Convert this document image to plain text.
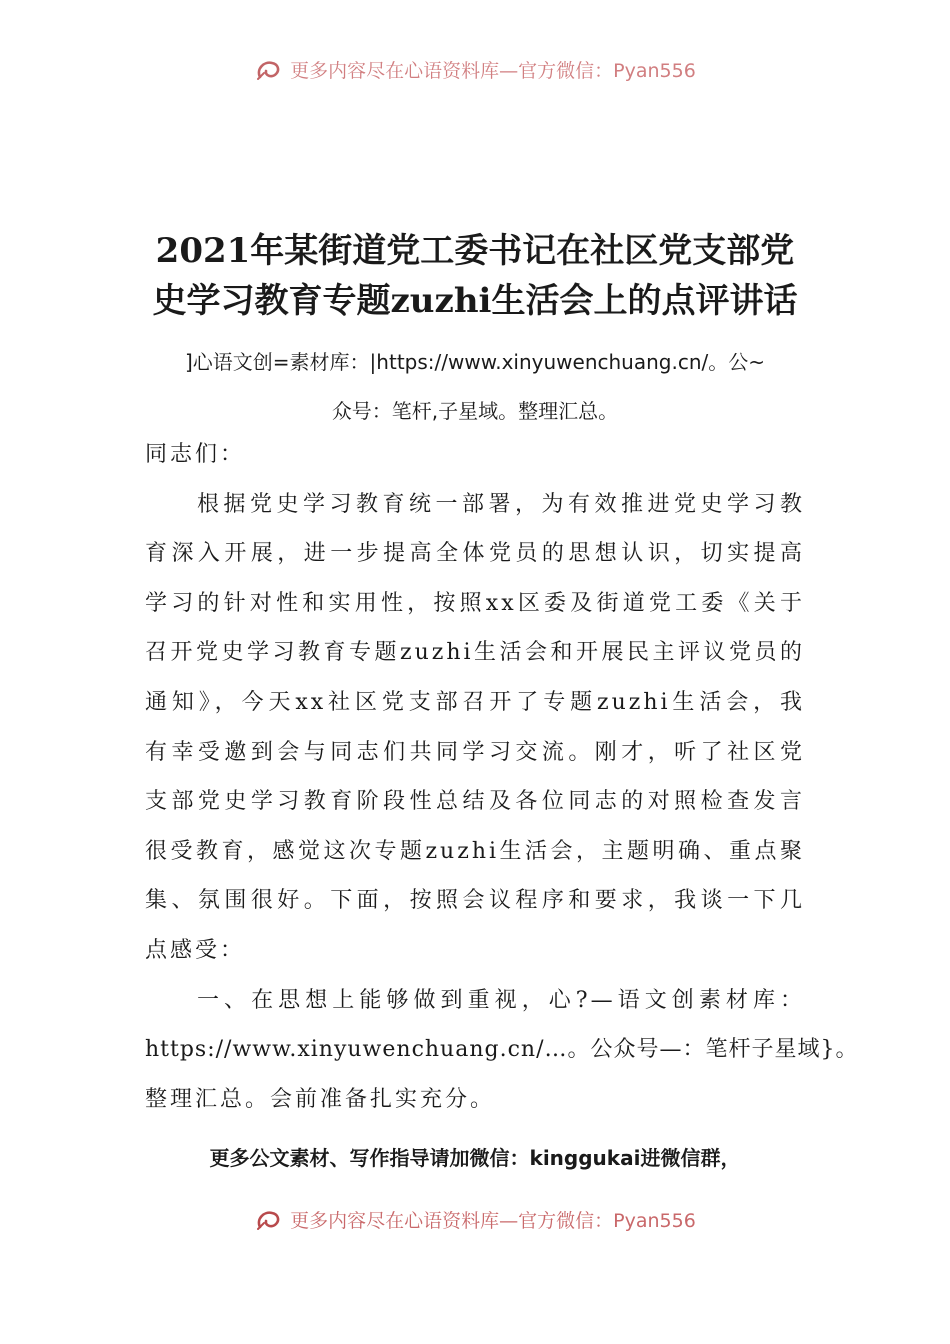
更多内容尽在心语资料库—官方微信：Pyan556
2021年某街道党工委书记在社区党支部党
史学习教育专题zuzhi生活会上的点评讲话
]心语文创=素材库：|https://www.xinyuwenchuang.cn/。公~
众号：笔杆,子星域。整理汇总。

同志们：

根据党史学习教育统一部署，为有效推进党史学习教
育深入开展，进一步提高全体党员的思想认识，切实提高
学习的针对性和实用性，按照xx区委及街道党工委《关于
召开党史学习教育专题zuzhi生活会和开展民主评议党员的
通知》，今天xx社区党支部召开了专题zuzhi生活会，我
有幸受邀到会与同志们共同学习交流。刚才，听了社区党
支部党史学习教育阶段性总结及各位同志的对照检查发言
很受教育，感觉这次专题zuzhi生活会，主题明确、重点聚
集、氛围很好。下面，按照会议程序和要求，我谈一下几
点感受：

一、在思想上能够做到重视，心?—语文创素材库：
https://www.xinyuwenchuang.cn/…。公众号—：笔杆子星域}。
整理汇总。会前准备扎实充分。

更多公文素材、写作指导请加微信：kinggukai进微信群，
更多内容尽在心语资料库—官方微信：Pyan556
